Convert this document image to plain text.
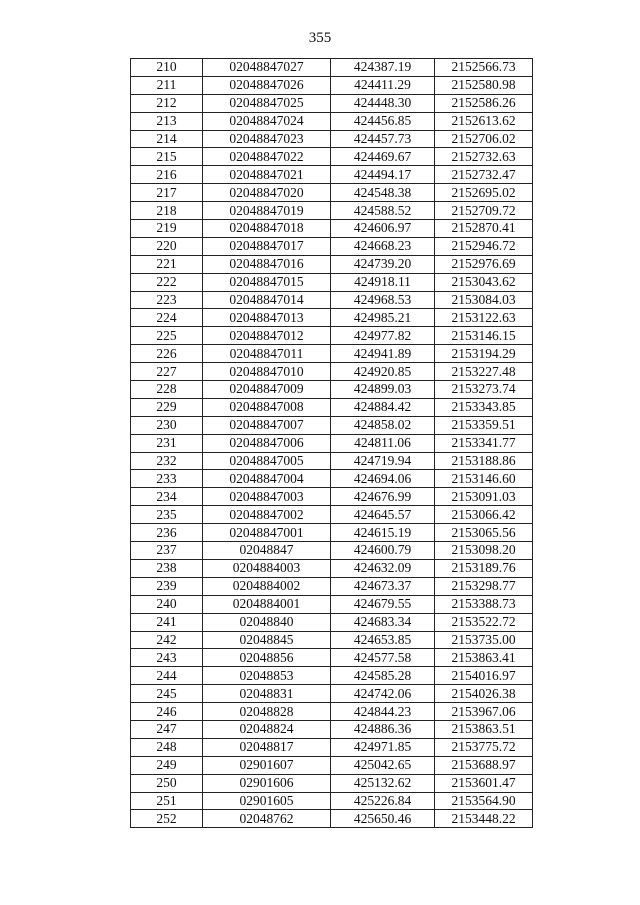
355
210	02048847027	424387.19	2152566.73
211	02048847026	424411.29	2152580.98
212	02048847025	424448.30	2152586.26
213	02048847024	424456.85	2152613.62
214	02048847023	424457.73	2152706.02
215	02048847022	424469.67	2152732.63
216	02048847021	424494.17	2152732.47
217	02048847020	424548.38	2152695.02
218	02048847019	424588.52	2152709.72
219	02048847018	424606.97	2152870.41
220	02048847017	424668.23	2152946.72
221	02048847016	424739.20	2152976.69
222	02048847015	424918.11	2153043.62
223	02048847014	424968.53	2153084.03
224	02048847013	424985.21	2153122.63
225	02048847012	424977.82	2153146.15
226	02048847011	424941.89	2153194.29
227	02048847010	424920.85	2153227.48
228	02048847009	424899.03	2153273.74
229	02048847008	424884.42	2153343.85
230	02048847007	424858.02	2153359.51
231	02048847006	424811.06	2153341.77
232	02048847005	424719.94	2153188.86
233	02048847004	424694.06	2153146.60
234	02048847003	424676.99	2153091.03
235	02048847002	424645.57	2153066.42
236	02048847001	424615.19	2153065.56
237	02048847	424600.79	2153098.20
238	0204884003	424632.09	2153189.76
239	0204884002	424673.37	2153298.77
240	0204884001	424679.55	2153388.73
241	02048840	424683.34	2153522.72
242	02048845	424653.85	2153735.00
243	02048856	424577.58	2153863.41
244	02048853	424585.28	2154016.97
245	02048831	424742.06	2154026.38
246	02048828	424844.23	2153967.06
247	02048824	424886.36	2153863.51
248	02048817	424971.85	2153775.72
249	02901607	425042.65	2153688.97
250	02901606	425132.62	2153601.47
251	02901605	425226.84	2153564.90
252	02048762	425650.46	2153448.22
